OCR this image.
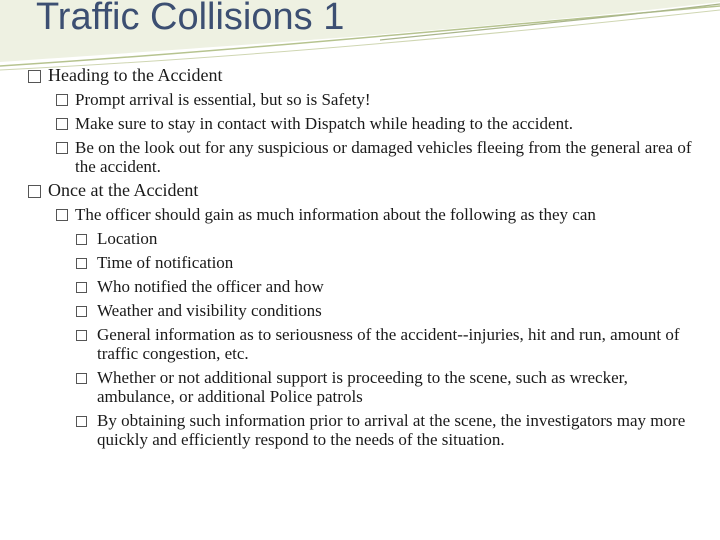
Traffic Collisions 1
Heading to the Accident
Prompt arrival is essential, but so is Safety!
Make sure to stay in contact with Dispatch while heading to the accident.
Be on the look out for any suspicious or damaged vehicles fleeing from the general area of the accident.
Once at the Accident
The officer should gain as much information about the following as they can
Location
Time of notification
Who notified the officer and how
Weather and visibility conditions
General information as to seriousness of the accident--injuries, hit and run, amount of traffic congestion, etc.
Whether or not additional support is proceeding to the scene, such as wrecker, ambulance, or additional Police patrols
By obtaining such information prior to arrival at the scene, the investigators may more quickly and efficiently respond to the needs of the situation.
